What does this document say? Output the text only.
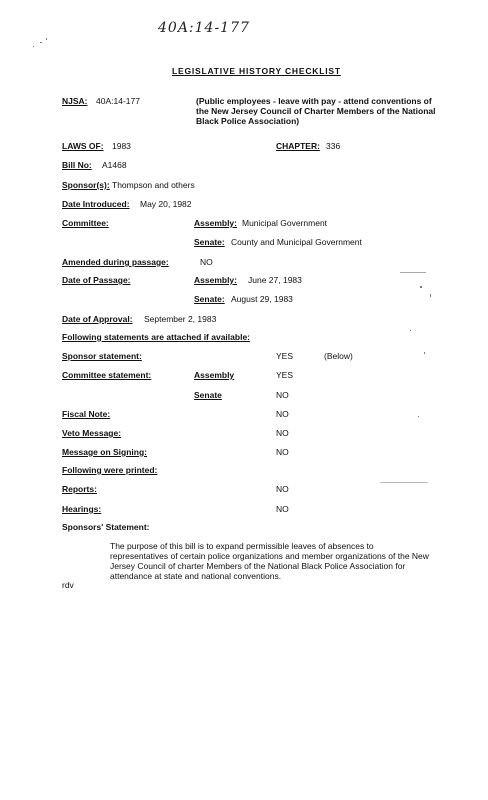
40A:14-177
LEGISLATIVE HISTORY CHECKLIST
NJSA: 40A:14-177	(Public employees - leave with pay - attend conventions of the New Jersey Council of Charter Members of the National Black Police Association)
LAWS OF: 1983	CHAPTER: 336
Bill No: A1468
Sponsor(s): Thompson and others
Date Introduced: May 20, 1982
Committee:	Assembly: Municipal Government
Senate: County and Municipal Government
Amended during passage:	NO
Date of Passage:	Assembly: June 27, 1983
Senate: August 29, 1983
Date of Approval: September 2, 1983
Following statements are attached if available:
Sponsor statement:	YES	(Below)
Committee statement:	Assembly	YES
Senate	NO
Fiscal Note:	NO
Veto Message:	NO
Message on Signing:	NO
Following were printed:
Reports:	NO
Hearings:	NO
Sponsors' Statement:
The purpose of this bill is to expand permissible leaves of absences to representatives of certain police organizations and member organizations of the New Jersey Council of charter Members of the National Black Police Association for attendance at state and national conventions.
rdv
